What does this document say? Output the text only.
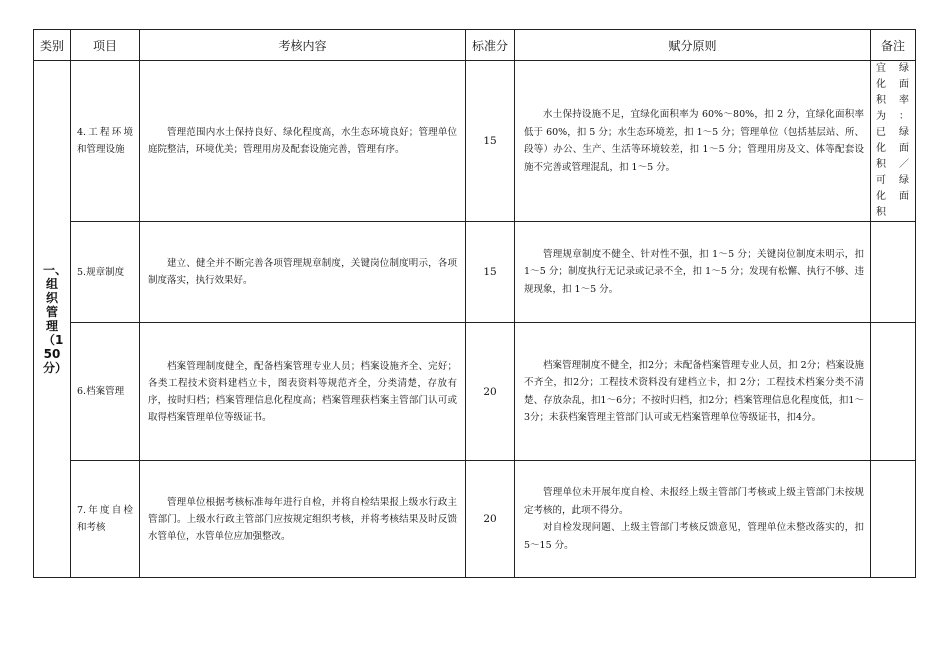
类别	项目	考核内容	标准分	赋分原则	备注
一、组织管理（150分）	4.工程环境和管理设施	管理范围内水土保持良好、绿化程度高，水生态环境良好；管理单位庭院整洁，环境优美；管理用房及配套设施完善，管理有序。	15	水土保持设施不足，宜绿化面积率为 60%～80%，扣 2 分，宜绿化面积率低于 60%，扣 5 分；水生态环境差，扣 1～5 分；管理单位（包括基层站、所、段等）办公、生产、生活等环境较差，扣 1～5 分；管理用房及文、体等配套设施不完善或管理混乱，扣 1～5 分。	宜绿化面积率为：已绿化面积／可绿化面积
	5.规章制度	建立、健全并不断完善各项管理规章制度，关键岗位制度明示，各项制度落实，执行效果好。	15	管理规章制度不健全、针对性不强，扣 1～5 分；关键岗位制度未明示，扣 1～5 分；制度执行无记录或记录不全，扣 1～5 分；发现有松懈、执行不够、违规现象，扣 1～5 分。	

	6.档案管理	档案管理制度健全，配备档案管理专业人员；档案设施齐全、完好；各类工程技术资料建档立卡，图表资料等规范齐全，分类清楚，存放有序，按时归档；档案管理信息化程度高；档案管理获档案主管部门认可或取得档案管理单位等级证书。	20	档案管理制度不健全，扣2分；未配备档案管理专业人员，扣 2分；档案设施不齐全，扣2分；工程技术资料没有建档立卡，扣 2分；工程技术档案分类不清楚、存放杂乱，扣1～6分；不按时归档，扣2分；档案管理信息化程度低，扣1～3分；未获档案管理主管部门认可或无档案管理单位等级证书，扣4分。	

	7.年度自检和考核	管理单位根据考核标准每年进行自检，并将自检结果报上级水行政主管部门。上级水行政主管部门应按规定组织考核，并将考核结果及时反馈水管单位，水管单位应加强整改。	20	管理单位未开展年度自检、未报经上级主管部门考核或上级主管部门未按规定考核的，此项不得分。

对自检发现问题、上级主管部门考核反馈意见，管理单位未整改落实的，扣 5～15 分。	
